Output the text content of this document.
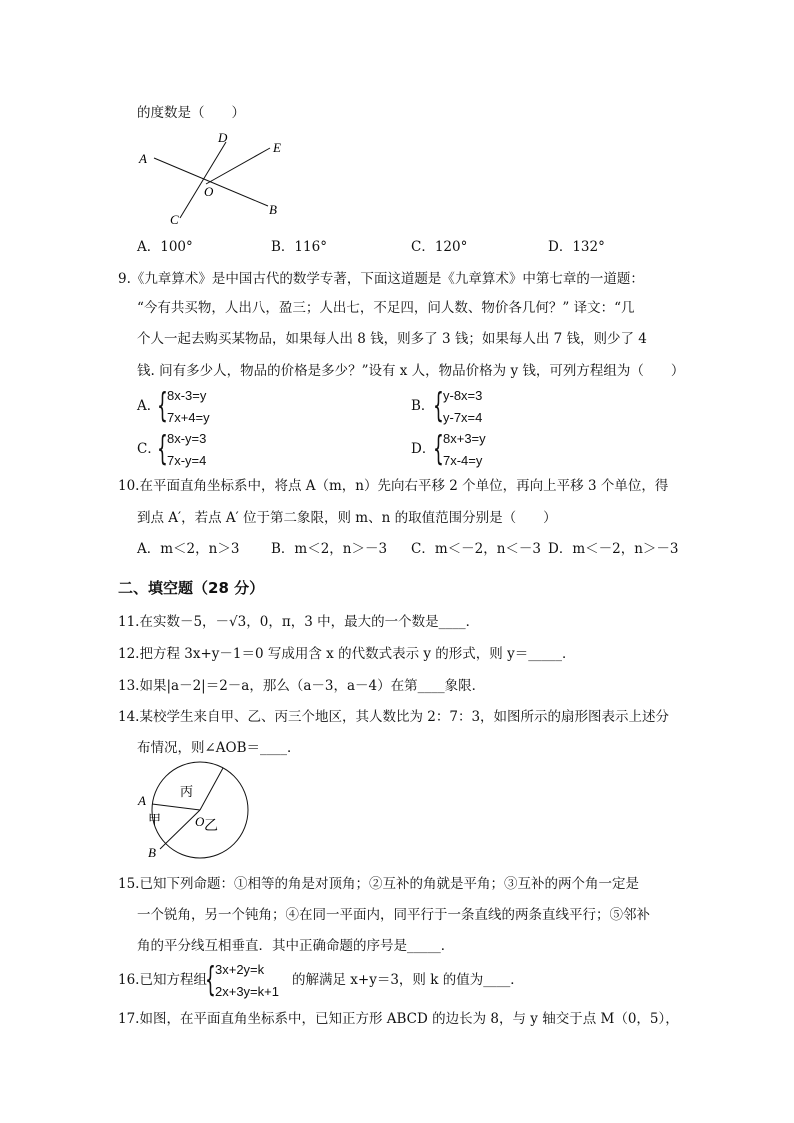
的度数是（　　）
A
D
E
O
B
C
A．100°	B．116°	C．120°	D．132°
9.《九章算术》是中国古代的数学专著，下面这道题是《九章算术》中第七章的一道题：
“今有共买物，人出八，盈三；人出七，不足四，问人数、物价各几何？” 译文：“几
个人一起去购买某物品，如果每人出 8 钱，则多了 3 钱；如果每人出 7 钱，则少了 4
钱. 问有多少人，物品的价格是多少？”设有 x 人，物品价格为 y 钱，可列方程组为（　　）
A．
{ 8x-3=y
7x+4=y
B．
{ y-8x=3
y-7x=4
C．
{ 8x-y=3
7x-y=4
D．
{ 8x+3=y
7x-4=y
10.在平面直角坐标系中，将点 A（m，n）先向右平移 2 个单位，再向上平移 3 个单位，得
到点 A′，若点 A′ 位于第二象限，则 m、n 的取值范围分别是（　　）
A．m＜2，n＞3 B．m＜2，n＞－3 C．m＜－2，n＜－3 D．m＜－2，n＞－3
二、填空题（28 分）
11.在实数－5，－√3，0，π，3 中，最大的一个数是____．
12.把方程 3x+y－1＝0 写成用含 x 的代数式表示 y 的形式，则 y＝_____．
13.如果|a－2|＝2－a，那么（a－3，a－4）在第____象限．
14.某校学生来自甲、乙、丙三个地区，其人数比为 2：7：3，如图所示的扇形图表示上述分
布情况，则∠AOB＝____．
A
B
O
甲	乙
丙
15.已知下列命题：①相等的角是对顶角；②互补的角就是平角；③互补的两个角一定是
一个锐角，另一个钝角；④在同一平面内，同平行于一条直线的两条直线平行；⑤邻补
角的平分线互相垂直．其中正确命题的序号是_____．
16.已知方程组
{ 3x+2y=k
2x+3y=k+1
的解满足 x+y＝3，则 k 的值为____．
17.如图，在平面直角坐标系中，已知正方形 ABCD 的边长为 8，与 y 轴交于点 M（0，5），
